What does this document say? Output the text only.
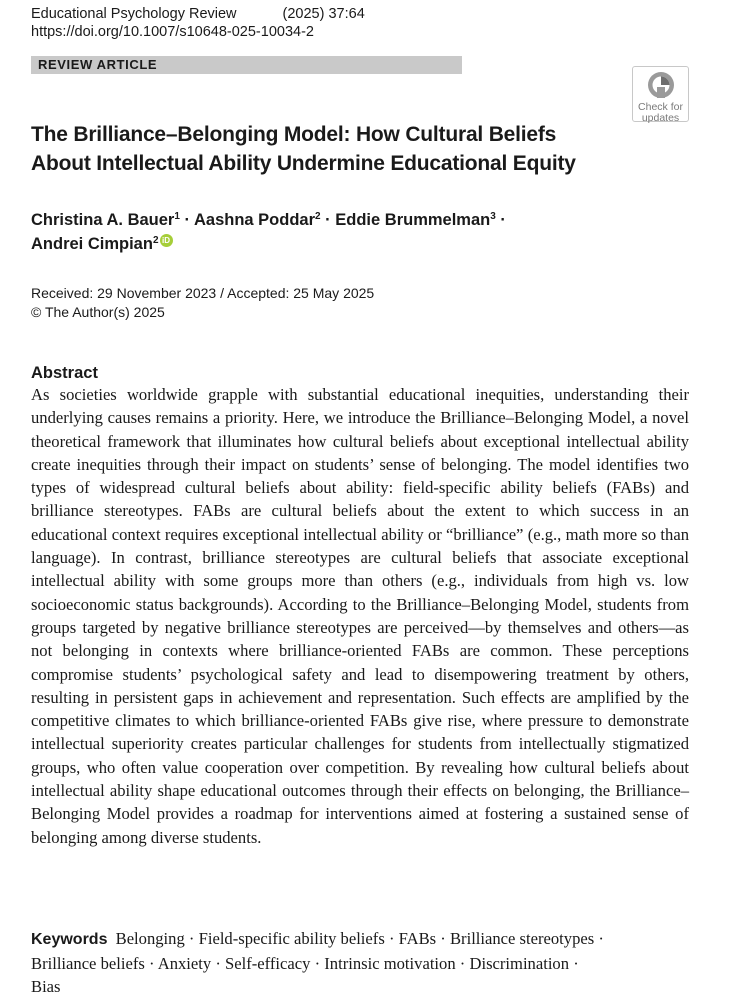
Educational Psychology Review	(2025) 37:64
https://doi.org/10.1007/s10648-025-10034-2
REVIEW ARTICLE
Check for
updates
The Brilliance–Belonging Model: How Cultural Beliefs
About Intellectual Ability Undermine Educational Equity
Christina A. Bauer$^1$ · Aashna Poddar$^2$ · Eddie Brummelman$^3$ ·
Andrei Cimpian$^2$ iD
Received: 29 November 2023 / Accepted: 25 May 2025
© The Author(s) 2025
Abstract
As societies worldwide grapple with substantial educational inequities, understanding their underlying causes remains a priority. Here, we introduce the Brilliance–Belonging Model, a novel theoretical framework that illuminates how cultural beliefs about exceptional intellectual ability create inequities through their impact on students’ sense of belonging. The model identifies two types of widespread cultural beliefs about ability: field-specific ability beliefs (FABs) and brilliance stereotypes. FABs are cultural beliefs about the extent to which success in an educational context requires exceptional intellectual ability or “brilliance” (e.g., math more so than language). In contrast, brilliance stereotypes are cultural beliefs that associate exceptional intellectual ability with some groups more than others (e.g., individuals from high vs. low socioeconomic status backgrounds). According to the Brilliance–Belonging Model, students from groups targeted by negative brilliance stereotypes are perceived—by themselves and others—as not belonging in contexts where brilliance-oriented FABs are common. These perceptions compromise students’ psychological safety and lead to disempowering treatment by others, resulting in persistent gaps in achievement and representation. Such effects are amplified by the competitive climates to which brilliance-oriented FABs give rise, where pressure to demonstrate intellectual superiority creates particular challenges for students from intellectually stigmatized groups, who often value cooperation over competition. By revealing how cultural beliefs about intellectual ability shape educational outcomes through their effects on belonging, the Brilliance–Belonging Model provides a roadmap for interventions aimed at fostering a sustained sense of belonging among diverse students.
Keywords Belonging · Field-specific ability beliefs · FABs · Brilliance stereotypes ·
Brilliance beliefs · Anxiety · Self-efficacy · Intrinsic motivation · Discrimination ·
Bias
